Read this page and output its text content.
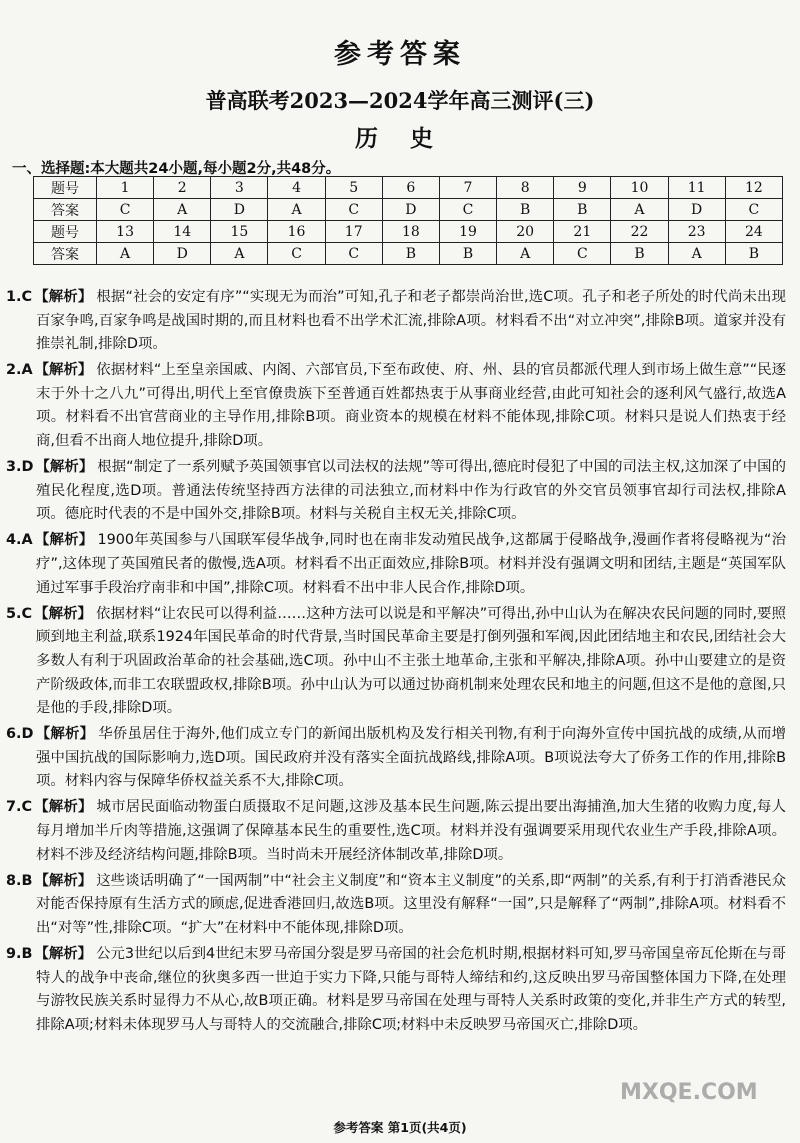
参考答案
普高联考2023—2024学年高三测评(三)
历 史
一、选择题:本大题共24小题,每小题2分,共48分。
题号	1	2	3	4	5	6	7	8	9	10	11	12
答案	C	A	D	A	C	D	C	B	B	A	D	C
题号	13	14	15	16	17	18	19	20	21	22	23	24
答案	A	D	A	C	C	B	B	A	C	B	A	B
1.C 【解析】 根据“社会的安定有序”“实现无为而治”可知,孔子和老子都崇尚治世,选C项。孔子和老子所处的时代尚未出现百家争鸣,百家争鸣是战国时期的,而且材料也看不出学术汇流,排除A项。材料看不出“对立冲突”,排除B项。道家并没有推崇礼制,排除D项。
2.A 【解析】 依据材料“上至皇亲国戚、内阁、六部官员,下至布政使、府、州、县的官员都派代理人到市场上做生意”“民逐末于外十之八九”可得出,明代上至官僚贵族下至普通百姓都热衷于从事商业经营,由此可知社会的逐利风气盛行,故选A项。材料看不出官营商业的主导作用,排除B项。商业资本的规模在材料不能体现,排除C项。材料只是说人们热衷于经商,但看不出商人地位提升,排除D项。
3.D 【解析】 根据“制定了一系列赋予英国领事官以司法权的法规”等可得出,德庇时侵犯了中国的司法主权,这加深了中国的殖民化程度,选D项。普通法传统坚持西方法律的司法独立,而材料中作为行政官的外交官员领事官却行司法权,排除A项。德庇时代表的不是中国外交,排除B项。材料与关税自主权无关,排除C项。
4.A 【解析】 1900年英国参与八国联军侵华战争,同时也在南非发动殖民战争,这都属于侵略战争,漫画作者将侵略视为“治疗”,这体现了英国殖民者的傲慢,选A项。材料看不出正面效应,排除B项。材料并没有强调文明和团结,主题是“英国军队通过军事手段治疗南非和中国”,排除C项。材料看不出中非人民合作,排除D项。
5.C 【解析】 依据材料“让农民可以得利益……这种方法可以说是和平解决”可得出,孙中山认为在解决农民问题的同时,要照顾到地主利益,联系1924年国民革命的时代背景,当时国民革命主要是打倒列强和军阀,因此团结地主和农民,团结社会大多数人有利于巩固政治革命的社会基础,选C项。孙中山不主张土地革命,主张和平解决,排除A项。孙中山要建立的是资产阶级政体,而非工农联盟政权,排除B项。孙中山认为可以通过协商机制来处理农民和地主的问题,但这不是他的意图,只是他的手段,排除D项。
6.D 【解析】 华侨虽居住于海外,他们成立专门的新闻出版机构及发行相关刊物,有利于向海外宣传中国抗战的成绩,从而增强中国抗战的国际影响力,选D项。国民政府并没有落实全面抗战路线,排除A项。B项说法夸大了侨务工作的作用,排除B项。材料内容与保障华侨权益关系不大,排除C项。
7.C 【解析】 城市居民面临动物蛋白质摄取不足问题,这涉及基本民生问题,陈云提出要出海捕渔,加大生猪的收购力度,每人每月增加半斤肉等措施,这强调了保障基本民生的重要性,选C项。材料并没有强调要采用现代农业生产手段,排除A项。材料不涉及经济结构问题,排除B项。当时尚未开展经济体制改革,排除D项。
8.B 【解析】 这些谈话明确了“一国两制”中“社会主义制度”和“资本主义制度”的关系,即“两制”的关系,有利于打消香港民众对能否保持原有生活方式的顾虑,促进香港回归,故选B项。这里没有解释“一国”,只是解释了“两制”,排除A项。材料看不出“对等”性,排除C项。“扩大”在材料中不能体现,排除D项。
9.B 【解析】 公元3世纪以后到4世纪末罗马帝国分裂是罗马帝国的社会危机时期,根据材料可知,罗马帝国皇帝瓦伦斯在与哥特人的战争中丧命,继位的狄奥多西一世迫于实力下降,只能与哥特人缔结和约,这反映出罗马帝国整体国力下降,在处理与游牧民族关系时显得力不从心,故B项正确。材料是罗马帝国在处理与哥特人关系时政策的变化,并非生产方式的转型,排除A项;材料未体现罗马人与哥特人的交流融合,排除C项;材料中未反映罗马帝国灭亡,排除D项。
参考答案 第1页(共4页)
MXQE.COM
